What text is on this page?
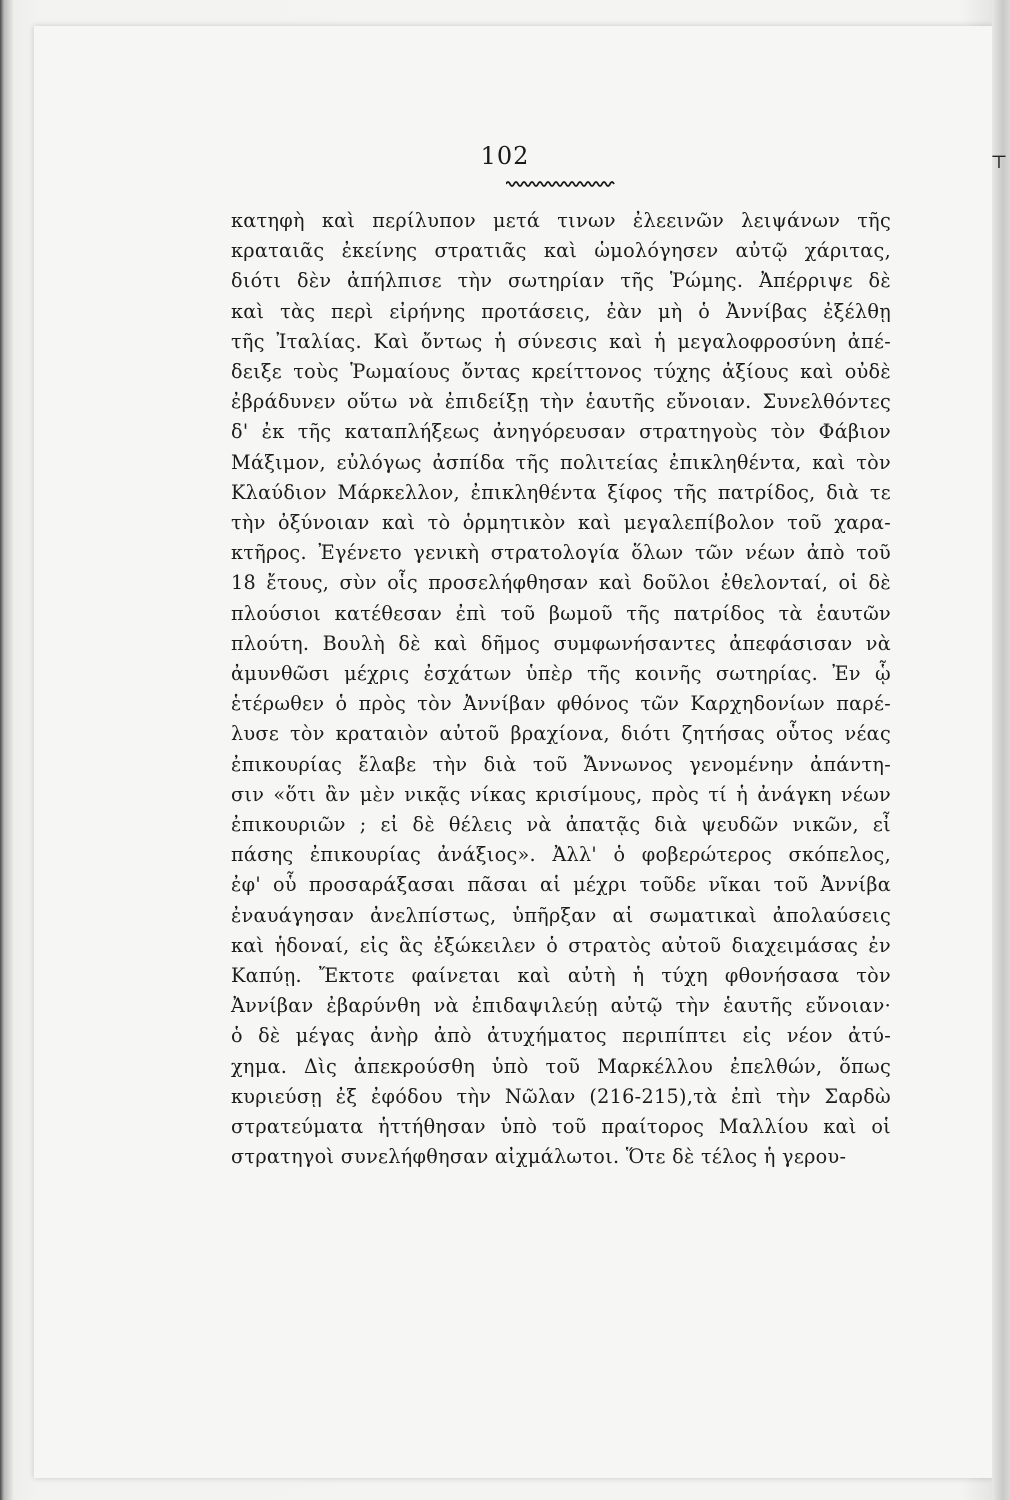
⊤
102
κατηφὴ καὶ περίλυπον μετά τινων ἐλεεινῶν λειψάνων τῆς
κραταιᾶς ἐκείνης στρατιᾶς καὶ ὡμολόγησεν αὐτῷ χάριτας,
διότι δὲν ἀπήλπισε τὴν σωτηρίαν τῆς Ῥώμης. Ἀπέρριψε δὲ
καὶ τὰς περὶ εἰρήνης προτάσεις, ἐὰν μὴ ὁ Ἀννίβας ἐξέλθῃ
τῆς Ἰταλίας. Καὶ ὄντως ἡ σύνεσις καὶ ἡ μεγαλοφροσύνη ἀπέ-
δειξε τοὺς Ῥωμαίους ὄντας κρείττονος τύχης ἀξίους καὶ οὐδὲ
ἐβράδυνεν οὕτω νὰ ἐπιδείξῃ τὴν ἑαυτῆς εὔνοιαν. Συνελθόντες
δ' ἐκ τῆς καταπλήξεως ἀνηγόρευσαν στρατηγοὺς τὸν Φάβιον
Μάξιμον, εὐλόγως ἀσπίδα τῆς πολιτείας ἐπικληθέντα, καὶ τὸν
Κλαύδιον Μάρκελλον, ἐπικληθέντα ξίφος τῆς πατρίδος, διὰ τε
τὴν ὀξύνοιαν καὶ τὸ ὁρμητικὸν καὶ μεγαλεπίβολον τοῦ χαρα-
κτῆρος. Ἐγένετο γενικὴ στρατολογία ὅλων τῶν νέων ἀπὸ τοῦ
18 ἔτους, σὺν οἷς προσελήφθησαν καὶ δοῦλοι ἐθελονταί, οἱ δὲ
πλούσιοι κατέθεσαν ἐπὶ τοῦ βωμοῦ τῆς πατρίδος τὰ ἑαυτῶν
πλούτη. Βουλὴ δὲ καὶ δῆμος συμφωνήσαντες ἀπεφάσισαν νὰ
ἀμυνθῶσι μέχρις ἐσχάτων ὑπὲρ τῆς κοινῆς σωτηρίας. Ἐν ᾧ
ἑτέρωθεν ὁ πρὸς τὸν Ἀννίβαν φθόνος τῶν Καρχηδονίων παρέ-
λυσε τὸν κραταιὸν αὐτοῦ βραχίονα, διότι ζητήσας οὗτος νέας
ἐπικουρίας ἔλαβε τὴν διὰ τοῦ Ἄννωνος γενομένην ἀπάντη-
σιν «ὅτι ἂν μὲν νικᾷς νίκας κρισίμους, πρὸς τί ἡ ἀνάγκη νέων
ἐπικουριῶν ; εἰ δὲ θέλεις νὰ ἀπατᾷς διὰ ψευδῶν νικῶν, εἶ
πάσης ἐπικουρίας ἀνάξιος». Ἀλλ' ὁ φοβερώτερος σκόπελος,
ἐφ' οὗ προσαράξασαι πᾶσαι αἱ μέχρι τοῦδε νῖκαι τοῦ Ἀννίβα
ἐναυάγησαν ἀνελπίστως, ὑπῆρξαν αἱ σωματικαὶ ἀπολαύσεις
καὶ ἡδοναί, εἰς ἃς ἐξώκειλεν ὁ στρατὸς αὐτοῦ διαχειμάσας ἐν
Καπύῃ. Ἔκτοτε φαίνεται καὶ αὐτὴ ἡ τύχη φθονήσασα τὸν
Ἀννίβαν ἐβαρύνθη νὰ ἐπιδαψιλεύῃ αὐτῷ τὴν ἑαυτῆς εὔνοιαν·
ὁ δὲ μέγας ἀνὴρ ἀπὸ ἀτυχήματος περιπίπτει εἰς νέον ἀτύ-
χημα. Δὶς ἀπεκρούσθη ὑπὸ τοῦ Μαρκέλλου ἐπελθών, ὅπως
κυριεύσῃ ἐξ ἐφόδου τὴν Νῶλαν (216-215),τὰ ἐπὶ τὴν Σαρδὼ
στρατεύματα ἡττήθησαν ὑπὸ τοῦ πραίτορος Μαλλίου καὶ οἱ
στρατηγοὶ συνελήφθησαν αἰχμάλωτοι. Ὅτε δὲ τέλος ἡ γερου-
